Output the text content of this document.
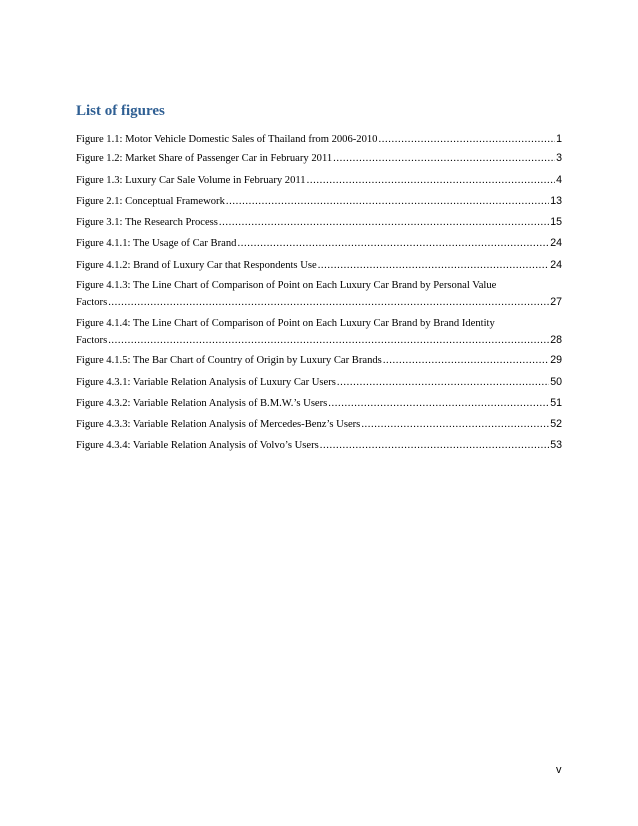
List of figures
Figure 1.1: Motor Vehicle Domestic Sales of Thailand from 2006-2010 .....	1
Figure 1.2: Market Share of Passenger Car in February 2011 .....	3
Figure 1.3: Luxury Car Sale Volume in February 2011 .....	4
Figure 2.1: Conceptual Framework .....	13
Figure 3.1: The Research Process .....	15
Figure 4.1.1: The Usage of Car Brand .....	24
Figure 4.1.2: Brand of Luxury Car that Respondents Use .....	24
Figure 4.1.3: The Line Chart of Comparison of Point on Each Luxury Car Brand by Personal Value
Factors .....	27
Figure 4.1.4: The Line Chart of Comparison of Point on Each Luxury Car Brand by Brand Identity
Factors .....	28
Figure 4.1.5: The Bar Chart of Country of Origin by Luxury Car Brands .....	29
Figure 4.3.1: Variable Relation Analysis of Luxury Car Users .....	50
Figure 4.3.2: Variable Relation Analysis of B.M.W.’s Users .....	51
Figure 4.3.3: Variable Relation Analysis of Mercedes-Benz’s Users .....	52
Figure 4.3.4: Variable Relation Analysis of Volvo’s Users .....	53
v
